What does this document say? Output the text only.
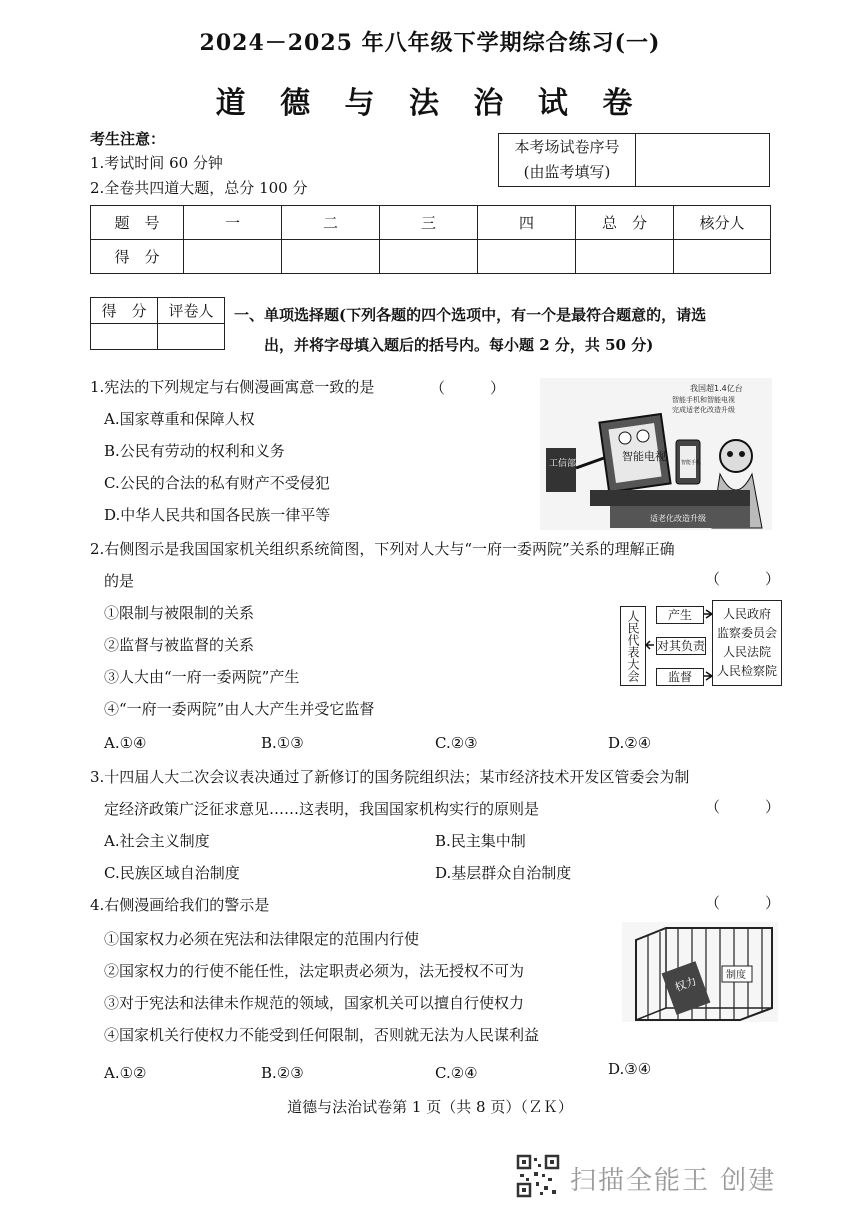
2024－2025 年八年级下学期综合练习(一)
道 德 与 法 治 试 卷
考生注意：
1.考试时间 60 分钟
2.全卷共四道大题，总分 100 分
本考场试卷序号
(由监考填写)
题　号	一	二	三	四	总　分	核分人
得　分						
得　分	评卷人
	一、单项选择题(下列各题的四个选项中，有一个是最符合题意的，请选
出，并将字母填入题后的括号内。每小题 2 分，共 50 分)
1.宪法的下列规定与右侧漫画寓意一致的是	（　　　）
A.国家尊重和保障人权
B.公民有劳动的权利和义务
C.公民的合法的私有财产不受侵犯
D.中华人民共和国各民族一律平等
我国超1.4亿台
智能手机和智能电视
完成适老化改造升级
智能电视	智能手机
适老化改造升级
工信部
2.右侧图示是我国国家机关组织系统简图，下列对人大与“一府一委两院”关系的理解正确
的是	（　　　）
①限制与被限制的关系
②监督与被监督的关系
③人大由“一府一委两院”产生
④“一府一委两院”由人大产生并受它监督
A.①④	B.①③	C.②③	D.②④
人民代表大会	产生
对其负责
监督
人民政府
监察委员会
人民法院
人民检察院
3.十四届人大二次会议表决通过了新修订的国务院组织法；某市经济技术开发区管委会为制
定经济政策广泛征求意见……这表明，我国国家机构实行的原则是	（　　　）
A.社会主义制度	B.民主集中制
C.民族区域自治制度	D.基层群众自治制度
4.右侧漫画给我们的警示是	（　　　）
①国家权力必须在宪法和法律限定的范围内行使
②国家权力的行使不能任性，法定职责必须为，法无授权不可为
③对于宪法和法律未作规范的领域，国家机关可以擅自行使权力
④国家机关行使权力不能受到任何限制，否则就无法为人民谋利益
A.①②	B.②③	C.②④	D.③④
权力	制度
道德与法治试卷第 1 页（共 8 页）（ＺＫ）
扫描全能王 创建
